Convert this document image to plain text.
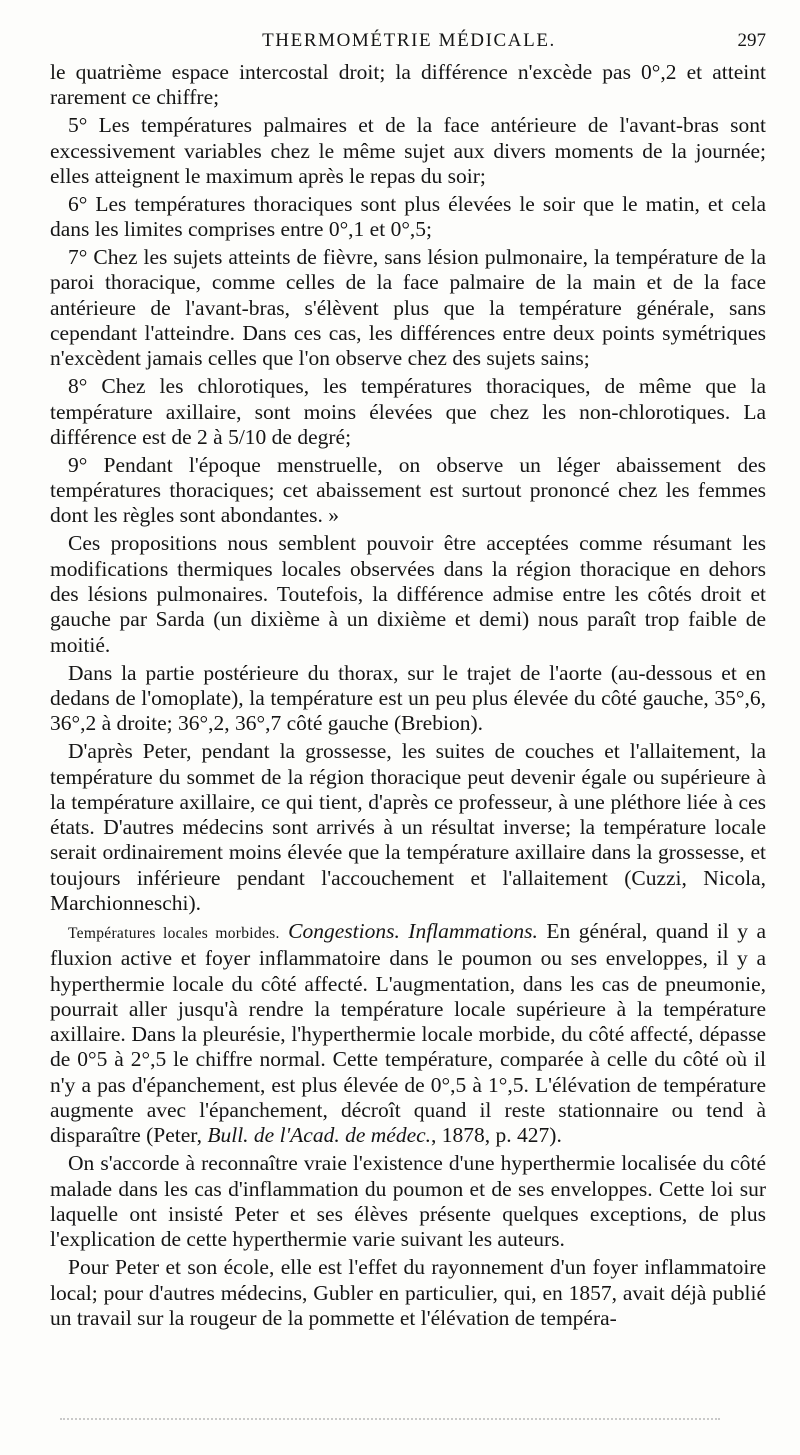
THERMOMÉTRIE MÉDICALE.	297

le quatrième espace intercostal droit; la différence n'excède pas 0°,2 et atteint rarement ce chiffre;

5° Les températures palmaires et de la face antérieure de l'avant-bras sont excessivement variables chez le même sujet aux divers moments de la journée; elles atteignent le maximum après le repas du soir;

6° Les températures thoraciques sont plus élevées le soir que le matin, et cela dans les limites comprises entre 0°,1 et 0°,5;

7° Chez les sujets atteints de fièvre, sans lésion pulmonaire, la température de la paroi thoracique, comme celles de la face palmaire de la main et de la face antérieure de l'avant-bras, s'élèvent plus que la température générale, sans cependant l'atteindre. Dans ces cas, les différences entre deux points symétriques n'excèdent jamais celles que l'on observe chez des sujets sains;

8° Chez les chlorotiques, les températures thoraciques, de même que la température axillaire, sont moins élevées que chez les non-chlorotiques. La différence est de 2 à 5/10 de degré;

9° Pendant l'époque menstruelle, on observe un léger abaissement des températures thoraciques; cet abaissement est surtout prononcé chez les femmes dont les règles sont abondantes. »

Ces propositions nous semblent pouvoir être acceptées comme résumant les modifications thermiques locales observées dans la région thoracique en dehors des lésions pulmonaires. Toutefois, la différence admise entre les côtés droit et gauche par Sarda (un dixième à un dixième et demi) nous paraît trop faible de moitié.

Dans la partie postérieure du thorax, sur le trajet de l'aorte (au-dessous et en dedans de l'omoplate), la température est un peu plus élevée du côté gauche, 35°,6, 36°,2 à droite; 36°,2, 36°,7 côté gauche (Brebion).

D'après Peter, pendant la grossesse, les suites de couches et l'allaitement, la température du sommet de la région thoracique peut devenir égale ou supérieure à la température axillaire, ce qui tient, d'après ce professeur, à une pléthore liée à ces états. D'autres médecins sont arrivés à un résultat inverse; la température locale serait ordinairement moins élevée que la température axillaire dans la grossesse, et toujours inférieure pendant l'accouchement et l'allaitement (Cuzzi, Nicola, Marchionneschi).

Températures locales morbides. Congestions. Inflammations. En général, quand il y a fluxion active et foyer inflammatoire dans le poumon ou ses enveloppes, il y a hyperthermie locale du côté affecté. L'augmentation, dans les cas de pneumonie, pourrait aller jusqu'à rendre la température locale supérieure à la température axillaire. Dans la pleurésie, l'hyperthermie locale morbide, du côté affecté, dépasse de 0°5 à 2°,5 le chiffre normal. Cette température, comparée à celle du côté où il n'y a pas d'épanchement, est plus élevée de 0°,5 à 1°,5. L'élévation de température augmente avec l'épanchement, décroît quand il reste stationnaire ou tend à disparaître (Peter, Bull. de l'Acad. de médec., 1878, p. 427).

On s'accorde à reconnaître vraie l'existence d'une hyperthermie localisée du côté malade dans les cas d'inflammation du poumon et de ses enveloppes. Cette loi sur laquelle ont insisté Peter et ses élèves présente quelques exceptions, de plus l'explication de cette hyperthermie varie suivant les auteurs.

Pour Peter et son école, elle est l'effet du rayonnement d'un foyer inflammatoire local; pour d'autres médecins, Gubler en particulier, qui, en 1857, avait déjà publié un travail sur la rougeur de la pommette et l'élévation de tempéra-
